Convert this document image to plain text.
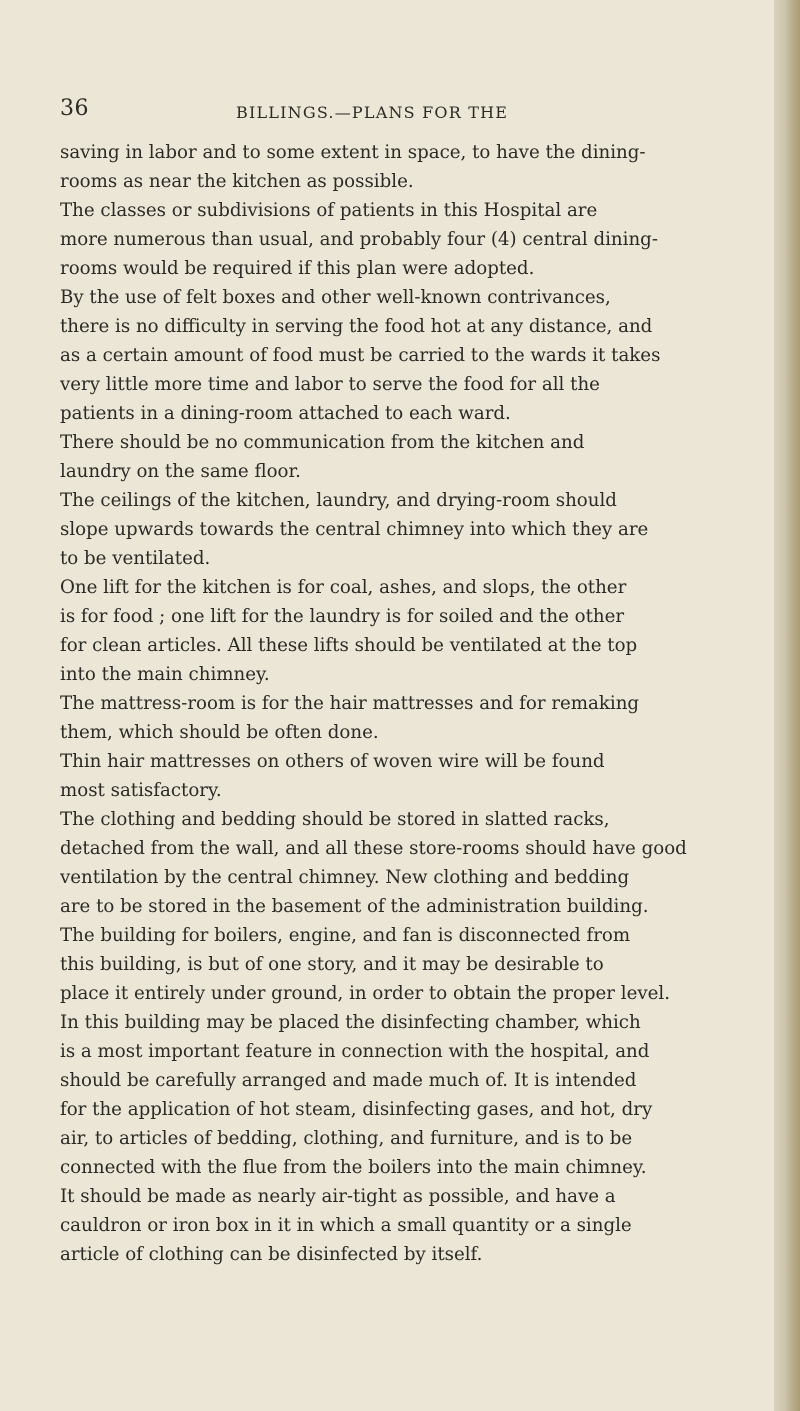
36	BILLINGS.—PLANS FOR THE
saving in labor and to some extent in space, to have the dining-
rooms as near the kitchen as possible.
The classes or subdivisions of patients in this Hospital are
more numerous than usual, and probably four (4) central dining-
rooms would be required if this plan were adopted.
By the use of felt boxes and other well-known contrivances,
there is no difficulty in serving the food hot at any distance, and
as a certain amount of food must be carried to the wards it takes
very little more time and labor to serve the food for all the
patients in a dining-room attached to each ward.
There should be no communication from the kitchen and
laundry on the same floor.
The ceilings of the kitchen, laundry, and drying-room should
slope upwards towards the central chimney into which they are
to be ventilated.
One lift for the kitchen is for coal, ashes, and slops, the other
is for food ; one lift for the laundry is for soiled and the other
for clean articles. All these lifts should be ventilated at the top
into the main chimney.
The mattress-room is for the hair mattresses and for remaking
them, which should be often done.
Thin hair mattresses on others of woven wire will be found
most satisfactory.
The clothing and bedding should be stored in slatted racks,
detached from the wall, and all these store-rooms should have good
ventilation by the central chimney. New clothing and bedding
are to be stored in the basement of the administration building.
The building for boilers, engine, and fan is disconnected from
this building, is but of one story, and it may be desirable to
place it entirely under ground, in order to obtain the proper level.
In this building may be placed the disinfecting chamber, which
is a most important feature in connection with the hospital, and
should be carefully arranged and made much of. It is intended
for the application of hot steam, disinfecting gases, and hot, dry
air, to articles of bedding, clothing, and furniture, and is to be
connected with the flue from the boilers into the main chimney.
It should be made as nearly air-tight as possible, and have a
cauldron or iron box in it in which a small quantity or a single
article of clothing can be disinfected by itself.
